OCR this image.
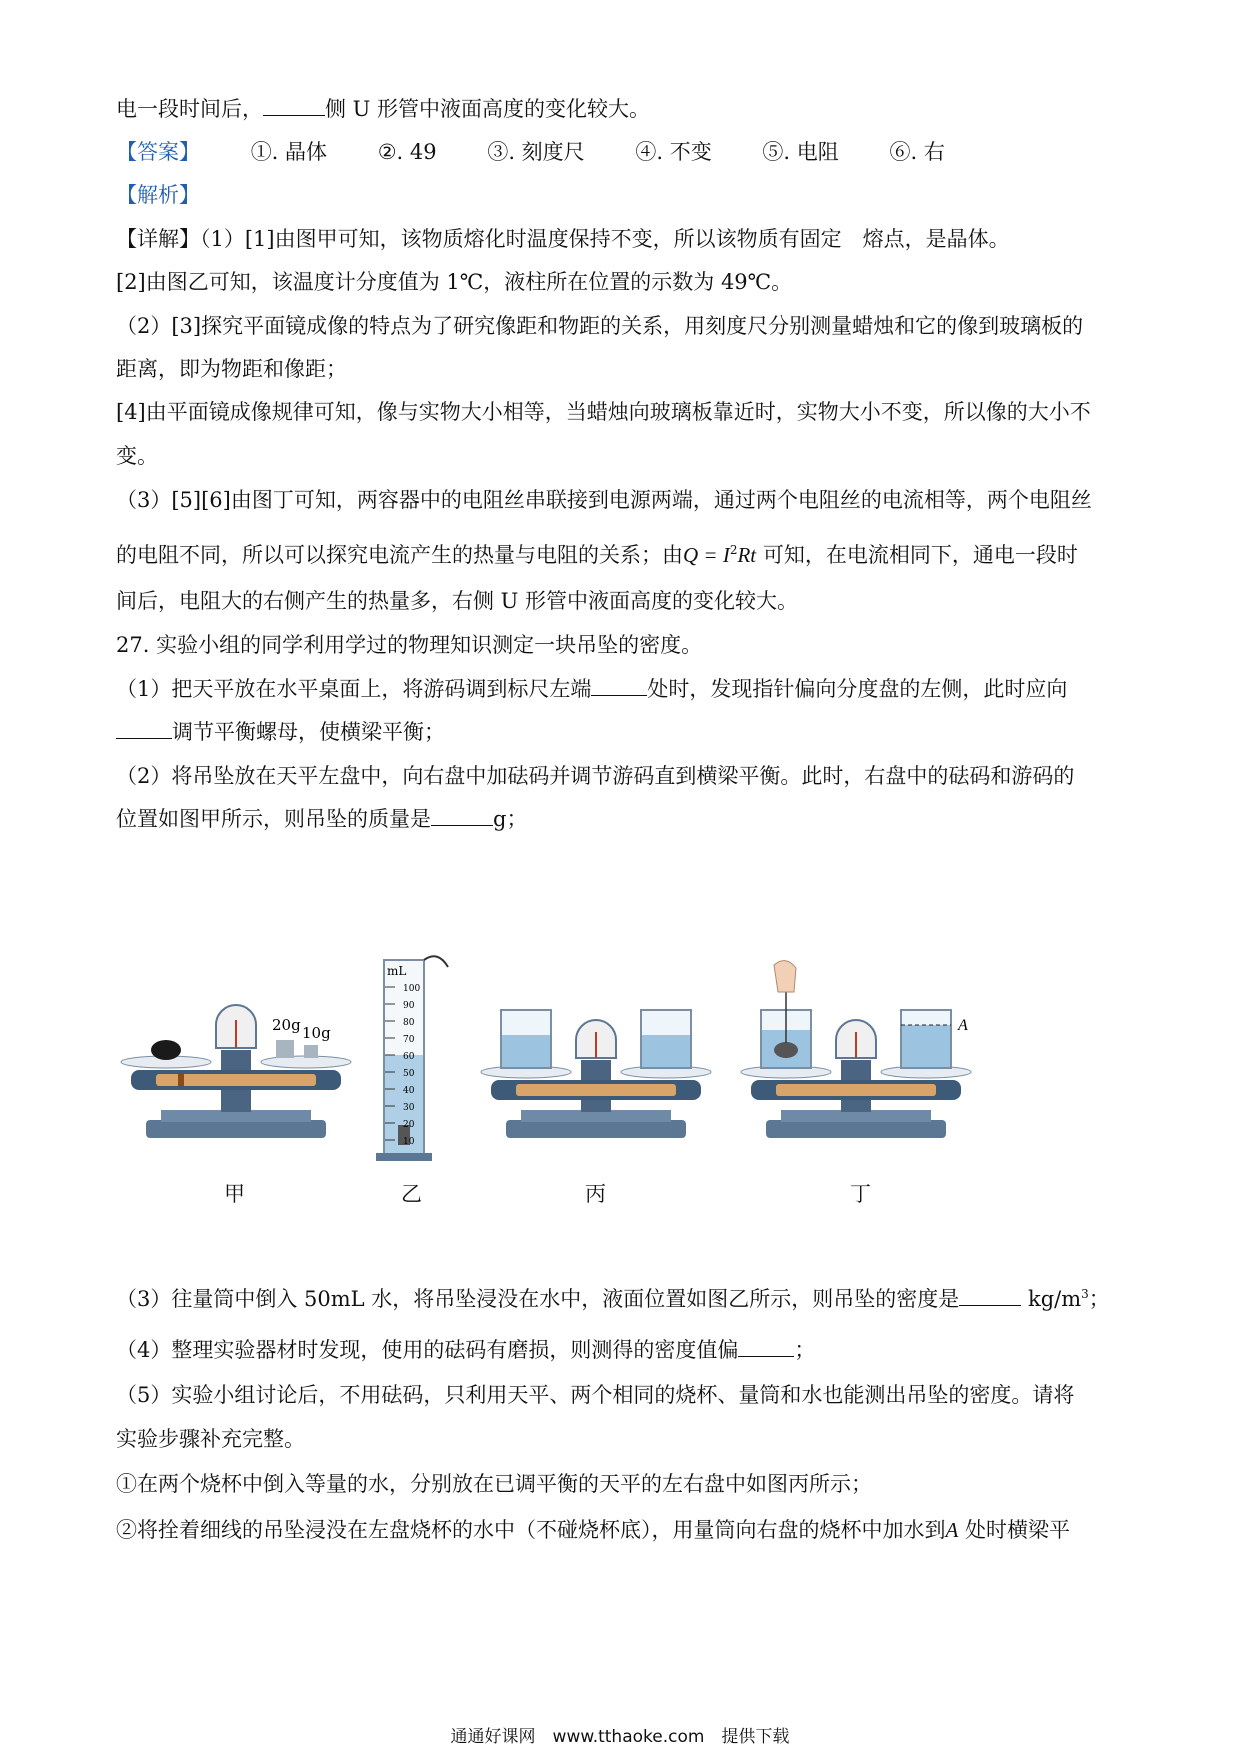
电一段时间后，	侧 U 形管中液面高度的变化较大。
【答案】 ①. 晶体 ②. 49 ③. 刻度尺 ④. 不变 ⑤. 电阻 ⑥. 右
【解析】
【详解】（1）[1]由图甲可知，该物质熔化时温度保持不变，所以该物质有固定　熔点，是晶体。
[2]由图乙可知，该温度计分度值为 1℃，液柱所在位置的示数为 49℃。
（2）[3]探究平面镜成像的特点为了研究像距和物距的关系，用刻度尺分别测量蜡烛和它的像到玻璃板的
距离，即为物距和像距；
[4]由平面镜成像规律可知，像与实物大小相等，当蜡烛向玻璃板靠近时，实物大小不变，所以像的大小不
变。
（3）[5][6]由图丁可知，两容器中的电阻丝串联接到电源两端，通过两个电阻丝的电流相等，两个电阻丝
的电阻不同，所以可以探究电流产生的热量与电阻的关系；由$Q = I^2Rt$ 可知，在电流相同下，通电一段时
间后，电阻大的右侧产生的热量多，右侧 U 形管中液面高度的变化较大。
27. 实验小组的同学利用学过的物理知识测定一块吊坠的密度。
（1）把天平放在水平桌面上，将游码调到标尺左端	处时，发现指针偏向分度盘的左侧，此时应向
调节平衡螺母，使横梁平衡；
（2）将吊坠放在天平左盘中，向右盘中加砝码并调节游码直到横梁平衡。此时，右盘中的砝码和游码的
位置如图甲所示，则吊坠的质量是	g；
20g 10g
mL
100
90
80
70
60
50
40
30
20
10
A
甲	乙	丙	丁
（3）往量筒中倒入 50mL 水，将吊坠浸没在水中，液面位置如图乙所示，则吊坠的密度是	$kg/m^3$；
（4）整理实验器材时发现，使用的砝码有磨损，则测得的密度值偏	；
（5）实验小组讨论后，不用砝码，只利用天平、两个相同的烧杯、量筒和水也能测出吊坠的密度。请将
实验步骤补充完整。
①在两个烧杯中倒入等量的水，分别放在已调平衡的天平的左右盘中如图丙所示；
②将拴着细线的吊坠浸没在左盘烧杯的水中（不碰烧杯底），用量筒向右盘的烧杯中加水到A 处时横梁平
通通好课网　www.tthaoke.com　提供下载
